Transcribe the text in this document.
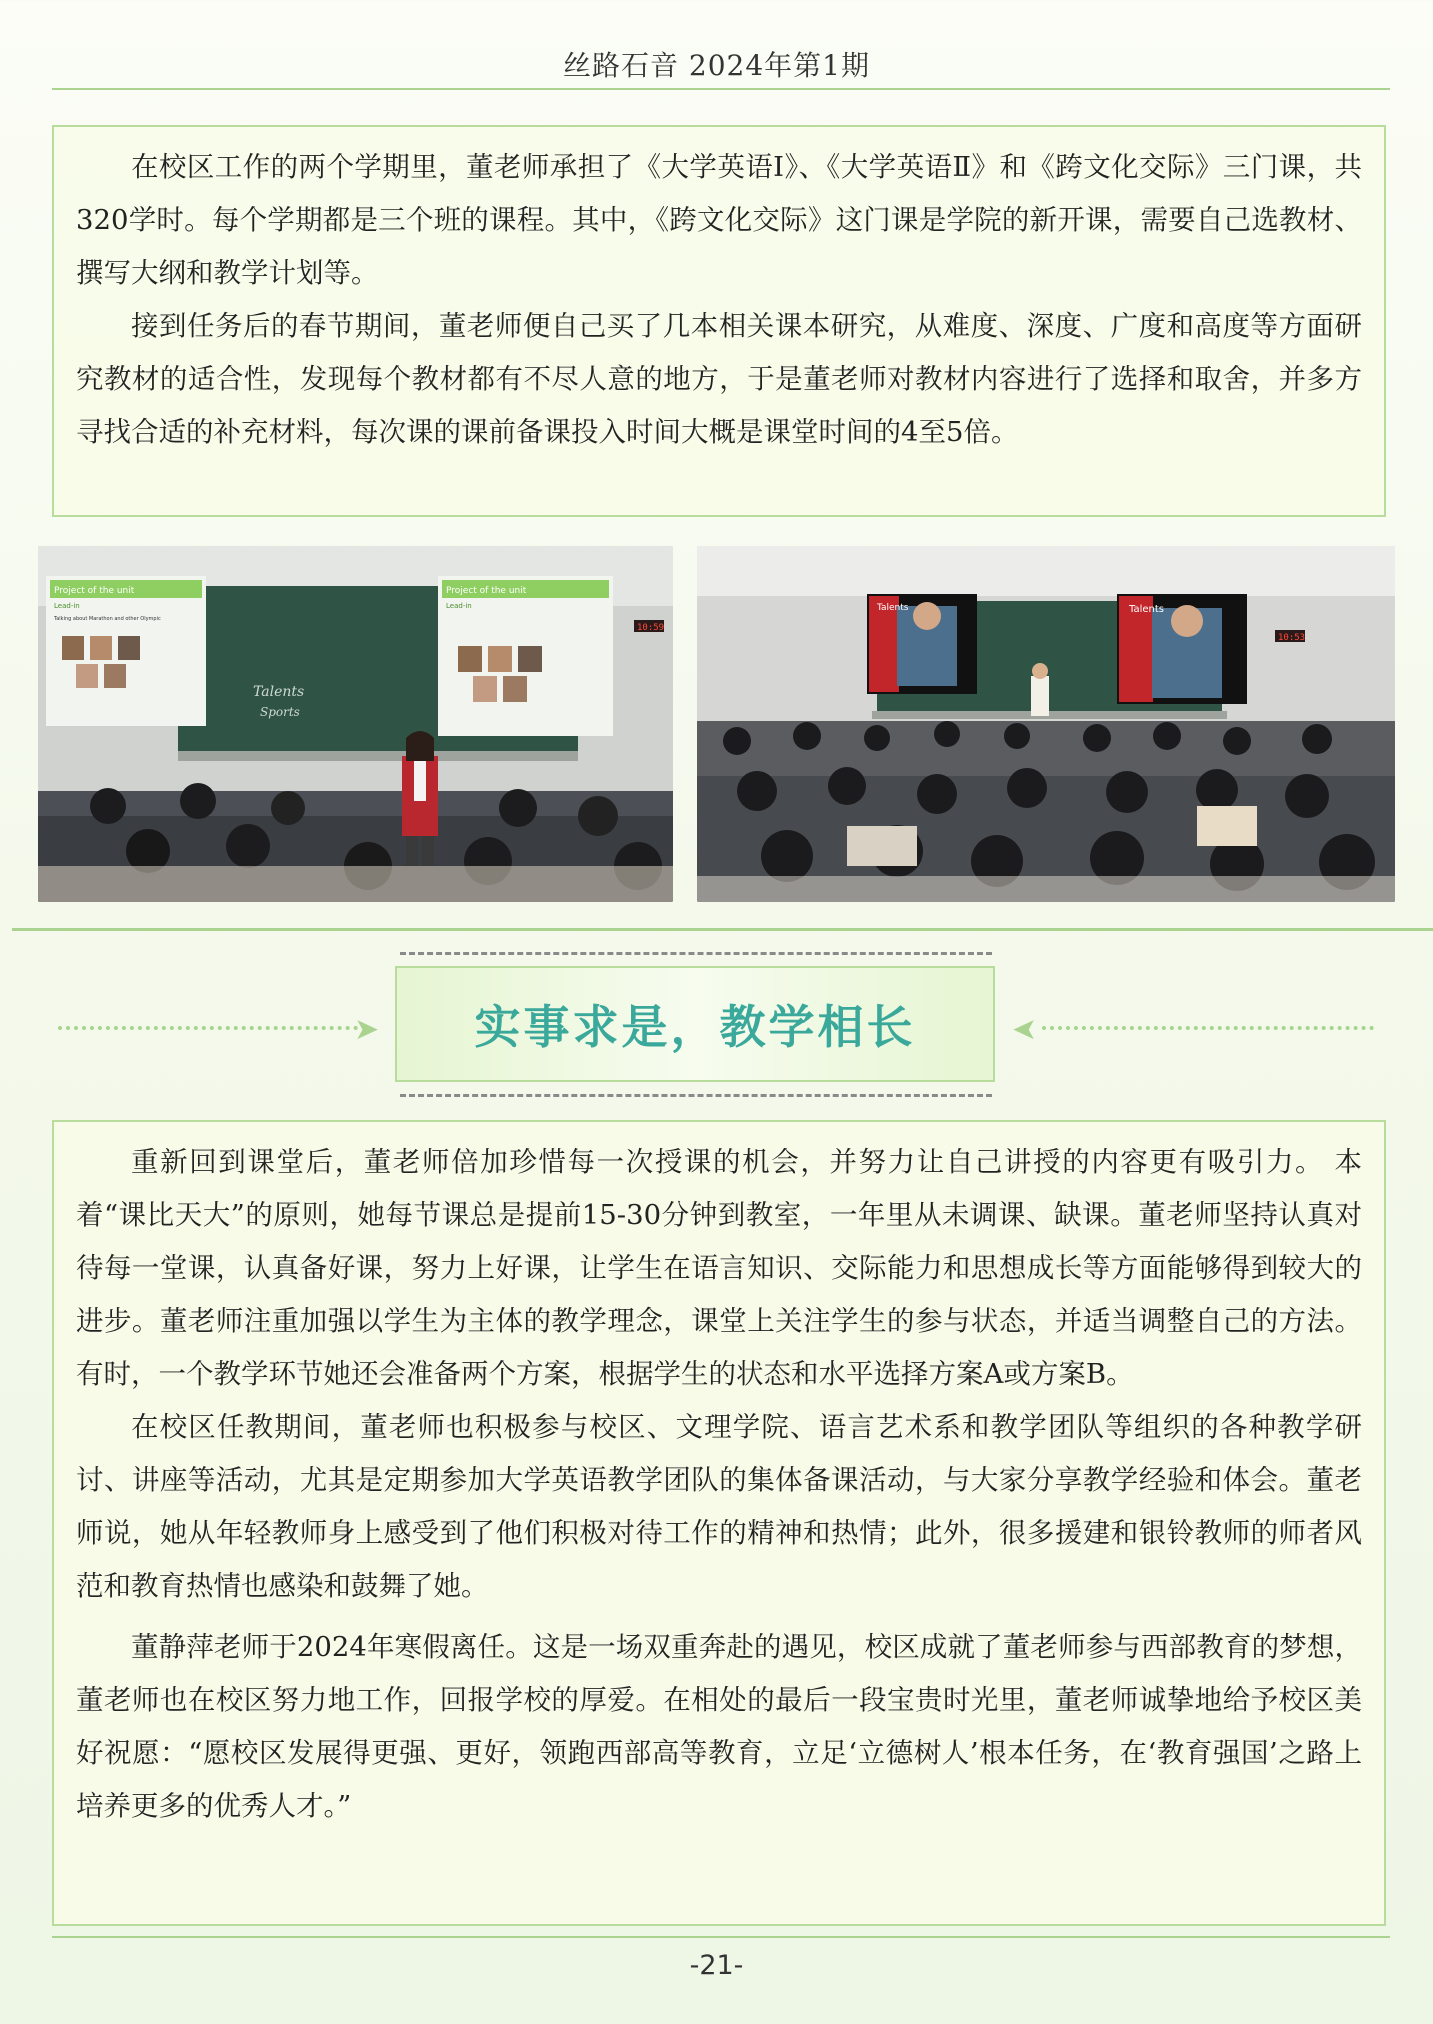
丝路石音 2024年第1期

在校区工作的两个学期里，董老师承担了《大学英语Ⅰ》、《大学英语Ⅱ》和《跨文化交际》三门课，共320学时。每个学期都是三个班的课程。其中，《跨文化交际》这门课是学院的新开课，需要自己选教材、撰写大纲和教学计划等。

接到任务后的春节期间，董老师便自己买了几本相关课本研究，从难度、深度、广度和高度等方面研究教材的适合性，发现每个教材都有不尽人意的地方，于是董老师对教材内容进行了选择和取舍，并多方寻找合适的补充材料，每次课的课前备课投入时间大概是课堂时间的4至5倍。

Project of the unit
Lead-in
Talking about Marathon and other Olympic
Project of the unit
Lead-in
Talents
Sports
10:59
Talents	Talents
10:53
➤ 实事求是，教学相长	➤

重新回到课堂后，董老师倍加珍惜每一次授课的机会，并努力让自己讲授的内容更有吸引力。 本着“课比天大”的原则，她每节课总是提前15-30分钟到教室，一年里从未调课、缺课。董老师坚持认真对待每一堂课，认真备好课，努力上好课，让学生在语言知识、交际能力和思想成长等方面能够得到较大的进步。董老师注重加强以学生为主体的教学理念，课堂上关注学生的参与状态，并适当调整自己的方法。有时，一个教学环节她还会准备两个方案，根据学生的状态和水平选择方案A或方案B。

在校区任教期间，董老师也积极参与校区、文理学院、语言艺术系和教学团队等组织的各种教学研讨、讲座等活动，尤其是定期参加大学英语教学团队的集体备课活动，与大家分享教学经验和体会。董老师说，她从年轻教师身上感受到了他们积极对待工作的精神和热情；此外，很多援建和银铃教师的师者风范和教育热情也感染和鼓舞了她。

董静萍老师于2024年寒假离任。这是一场双重奔赴的遇见，校区成就了董老师参与西部教育的梦想，董老师也在校区努力地工作，回报学校的厚爱。在相处的最后一段宝贵时光里，董老师诚挚地给予校区美好祝愿：“愿校区发展得更强、更好，领跑西部高等教育，立足‘立德树人’根本任务，在‘教育强国’之路上培养更多的优秀人才。”

-21-
